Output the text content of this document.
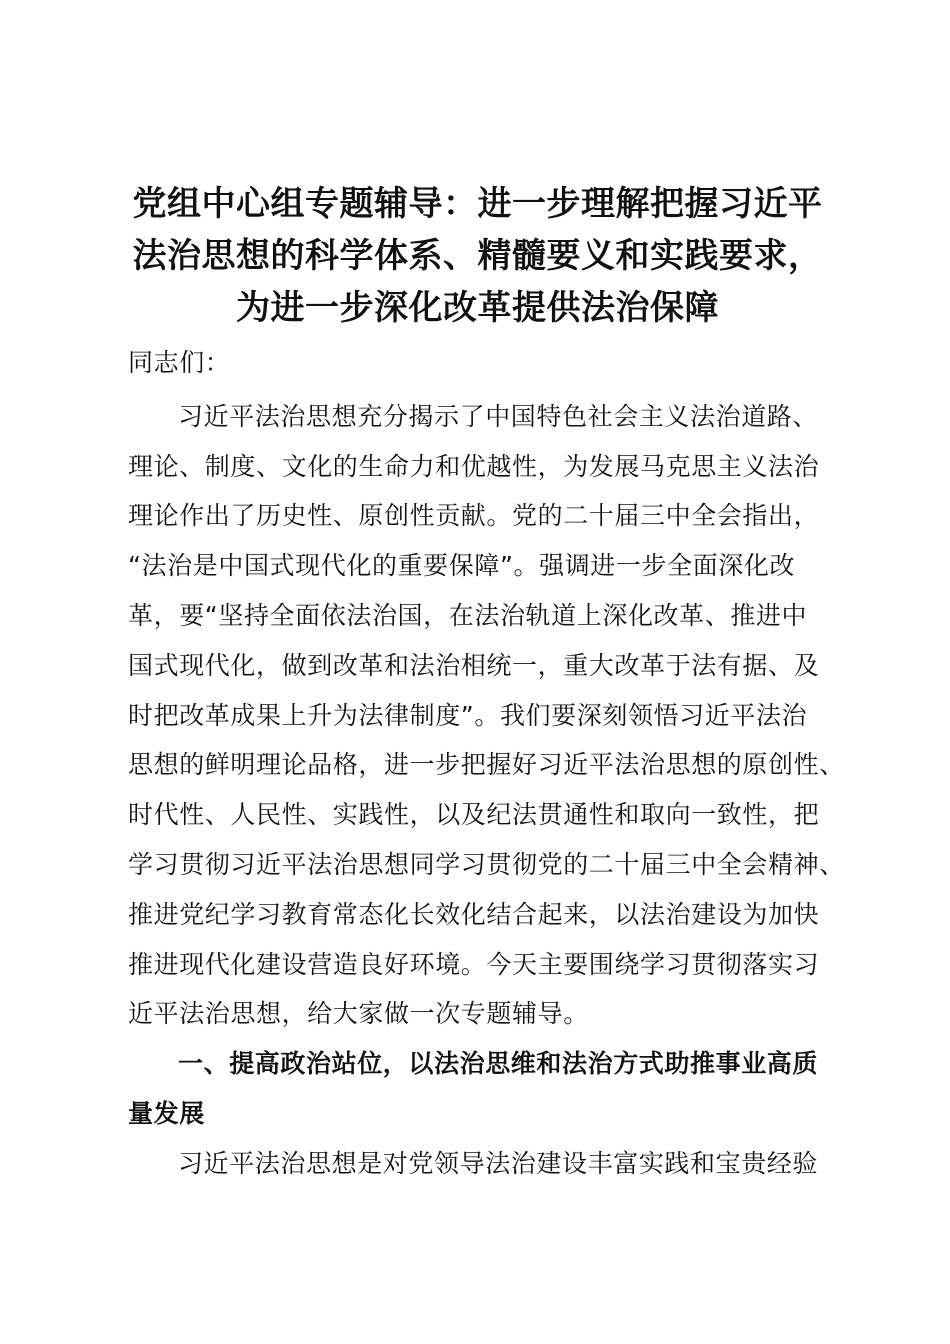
党组中心组专题辅导：进一步理解把握习近平
法治思想的科学体系、精髓要义和实践要求，
为进一步深化改革提供法治保障
同志们：
习近平法治思想充分揭示了中国特色社会主义法治道路、
理论、制度、文化的生命力和优越性，为发展马克思主义法治
理论作出了历史性、原创性贡献。党的二十届三中全会指出，
“法治是中国式现代化的重要保障”。强调进一步全面深化改
革，要“坚持全面依法治国，在法治轨道上深化改革、推进中
国式现代化，做到改革和法治相统一，重大改革于法有据、及
时把改革成果上升为法律制度”。我们要深刻领悟习近平法治
思想的鲜明理论品格，进一步把握好习近平法治思想的原创性、
时代性、人民性、实践性，以及纪法贯通性和取向一致性，把
学习贯彻习近平法治思想同学习贯彻党的二十届三中全会精神、
推进党纪学习教育常态化长效化结合起来，以法治建设为加快
推进现代化建设营造良好环境。今天主要围绕学习贯彻落实习
近平法治思想，给大家做一次专题辅导。
一、提高政治站位，以法治思维和法治方式助推事业高质
量发展
习近平法治思想是对党领导法治建设丰富实践和宝贵经验
